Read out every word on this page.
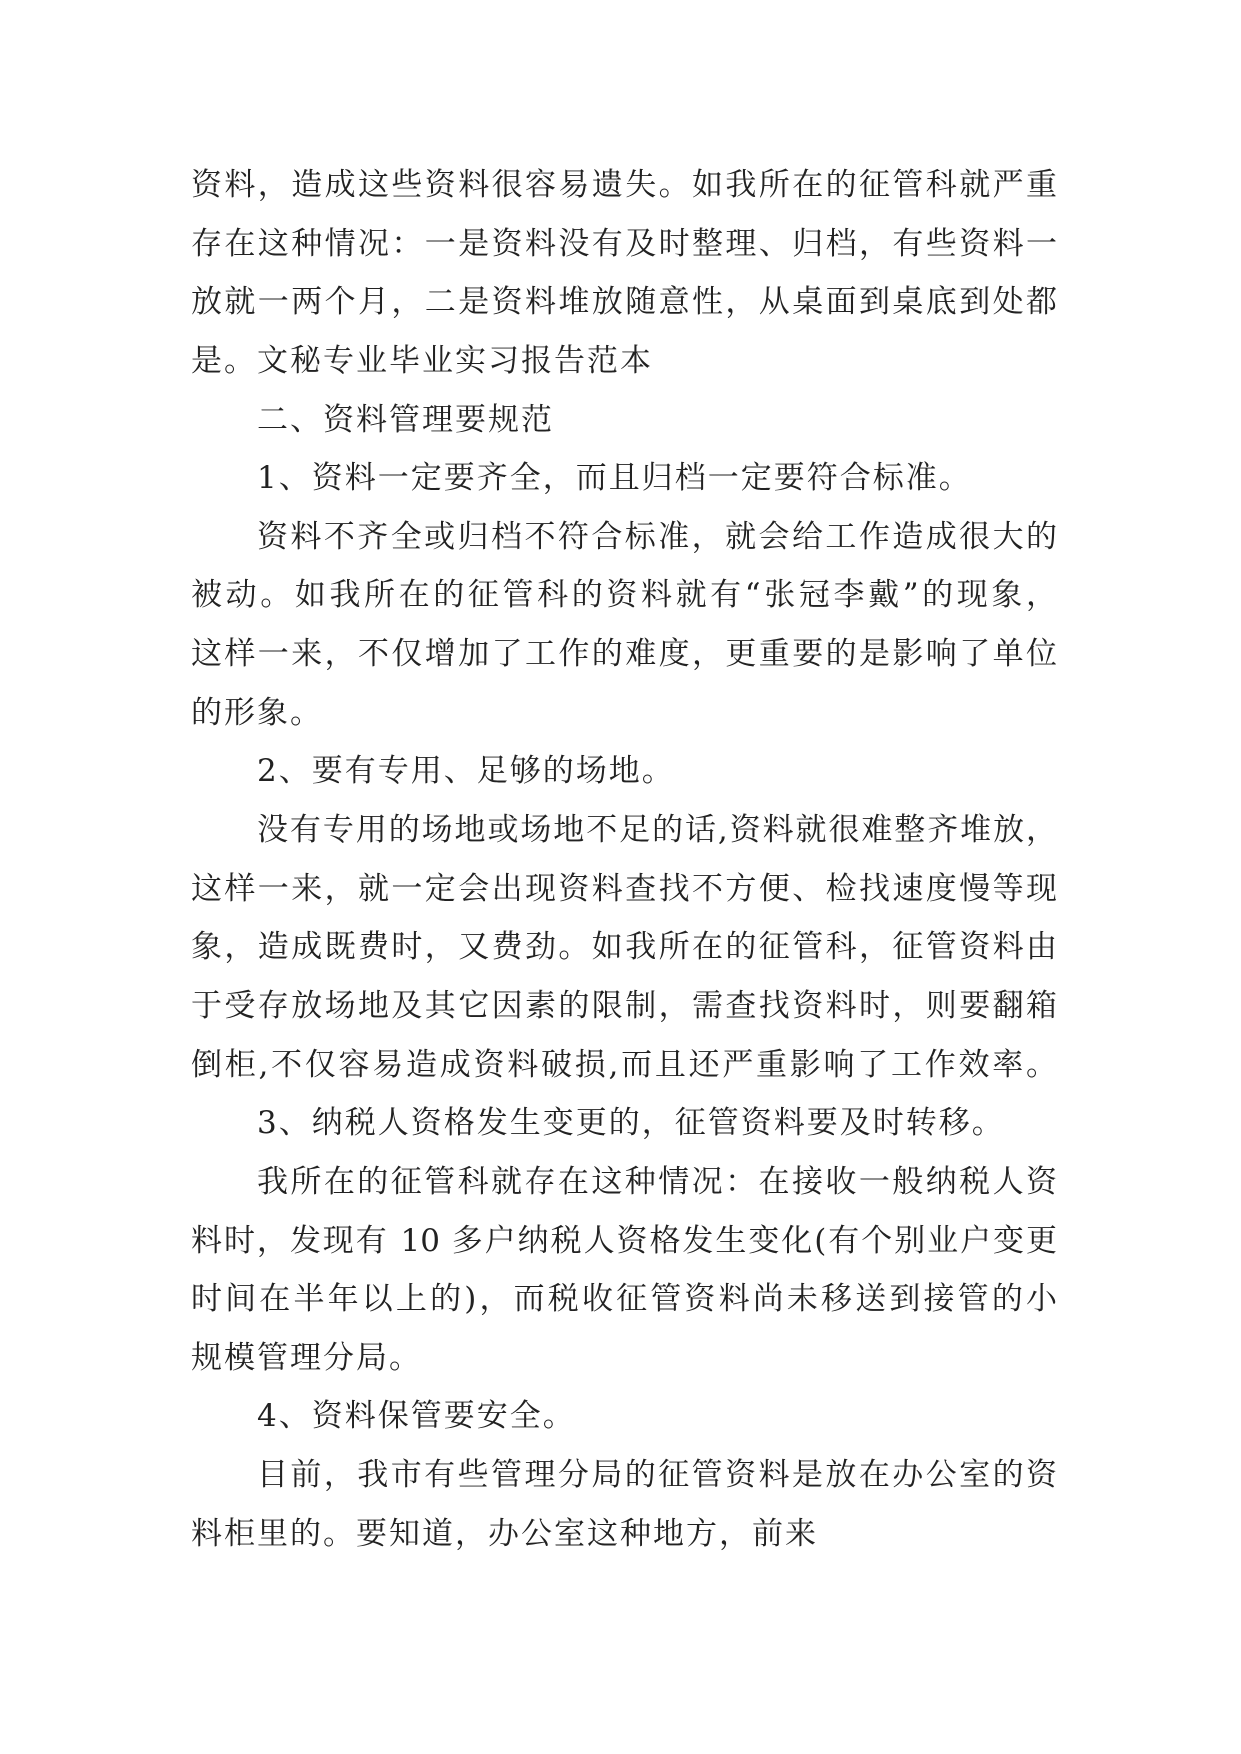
资料，造成这些资料很容易遗失。如我所在的征管科就严重
存在这种情况：一是资料没有及时整理、归档，有些资料一
放就一两个月，二是资料堆放随意性，从桌面到桌底到处都
是。文秘专业毕业实习报告范本
二、资料管理要规范
1、资料一定要齐全，而且归档一定要符合标准。
资料不齐全或归档不符合标准，就会给工作造成很大的
被动。如我所在的征管科的资料就有“张冠李戴”的现象，
这样一来，不仅增加了工作的难度，更重要的是影响了单位
的形象。
2、要有专用、足够的场地。
没有专用的场地或场地不足的话,资料就很难整齐堆放，
这样一来，就一定会出现资料查找不方便、检找速度慢等现
象，造成既费时，又费劲。如我所在的征管科，征管资料由
于受存放场地及其它因素的限制，需查找资料时，则要翻箱
倒柜,不仅容易造成资料破损,而且还严重影响了工作效率。
3、纳税人资格发生变更的，征管资料要及时转移。
我所在的征管科就存在这种情况：在接收一般纳税人资
料时，发现有 10 多户纳税人资格发生变化(有个别业户变更
时间在半年以上的)，而税收征管资料尚未移送到接管的小
规模管理分局。
4、资料保管要安全。
目前，我市有些管理分局的征管资料是放在办公室的资
料柜里的。要知道，办公室这种地方，前来
